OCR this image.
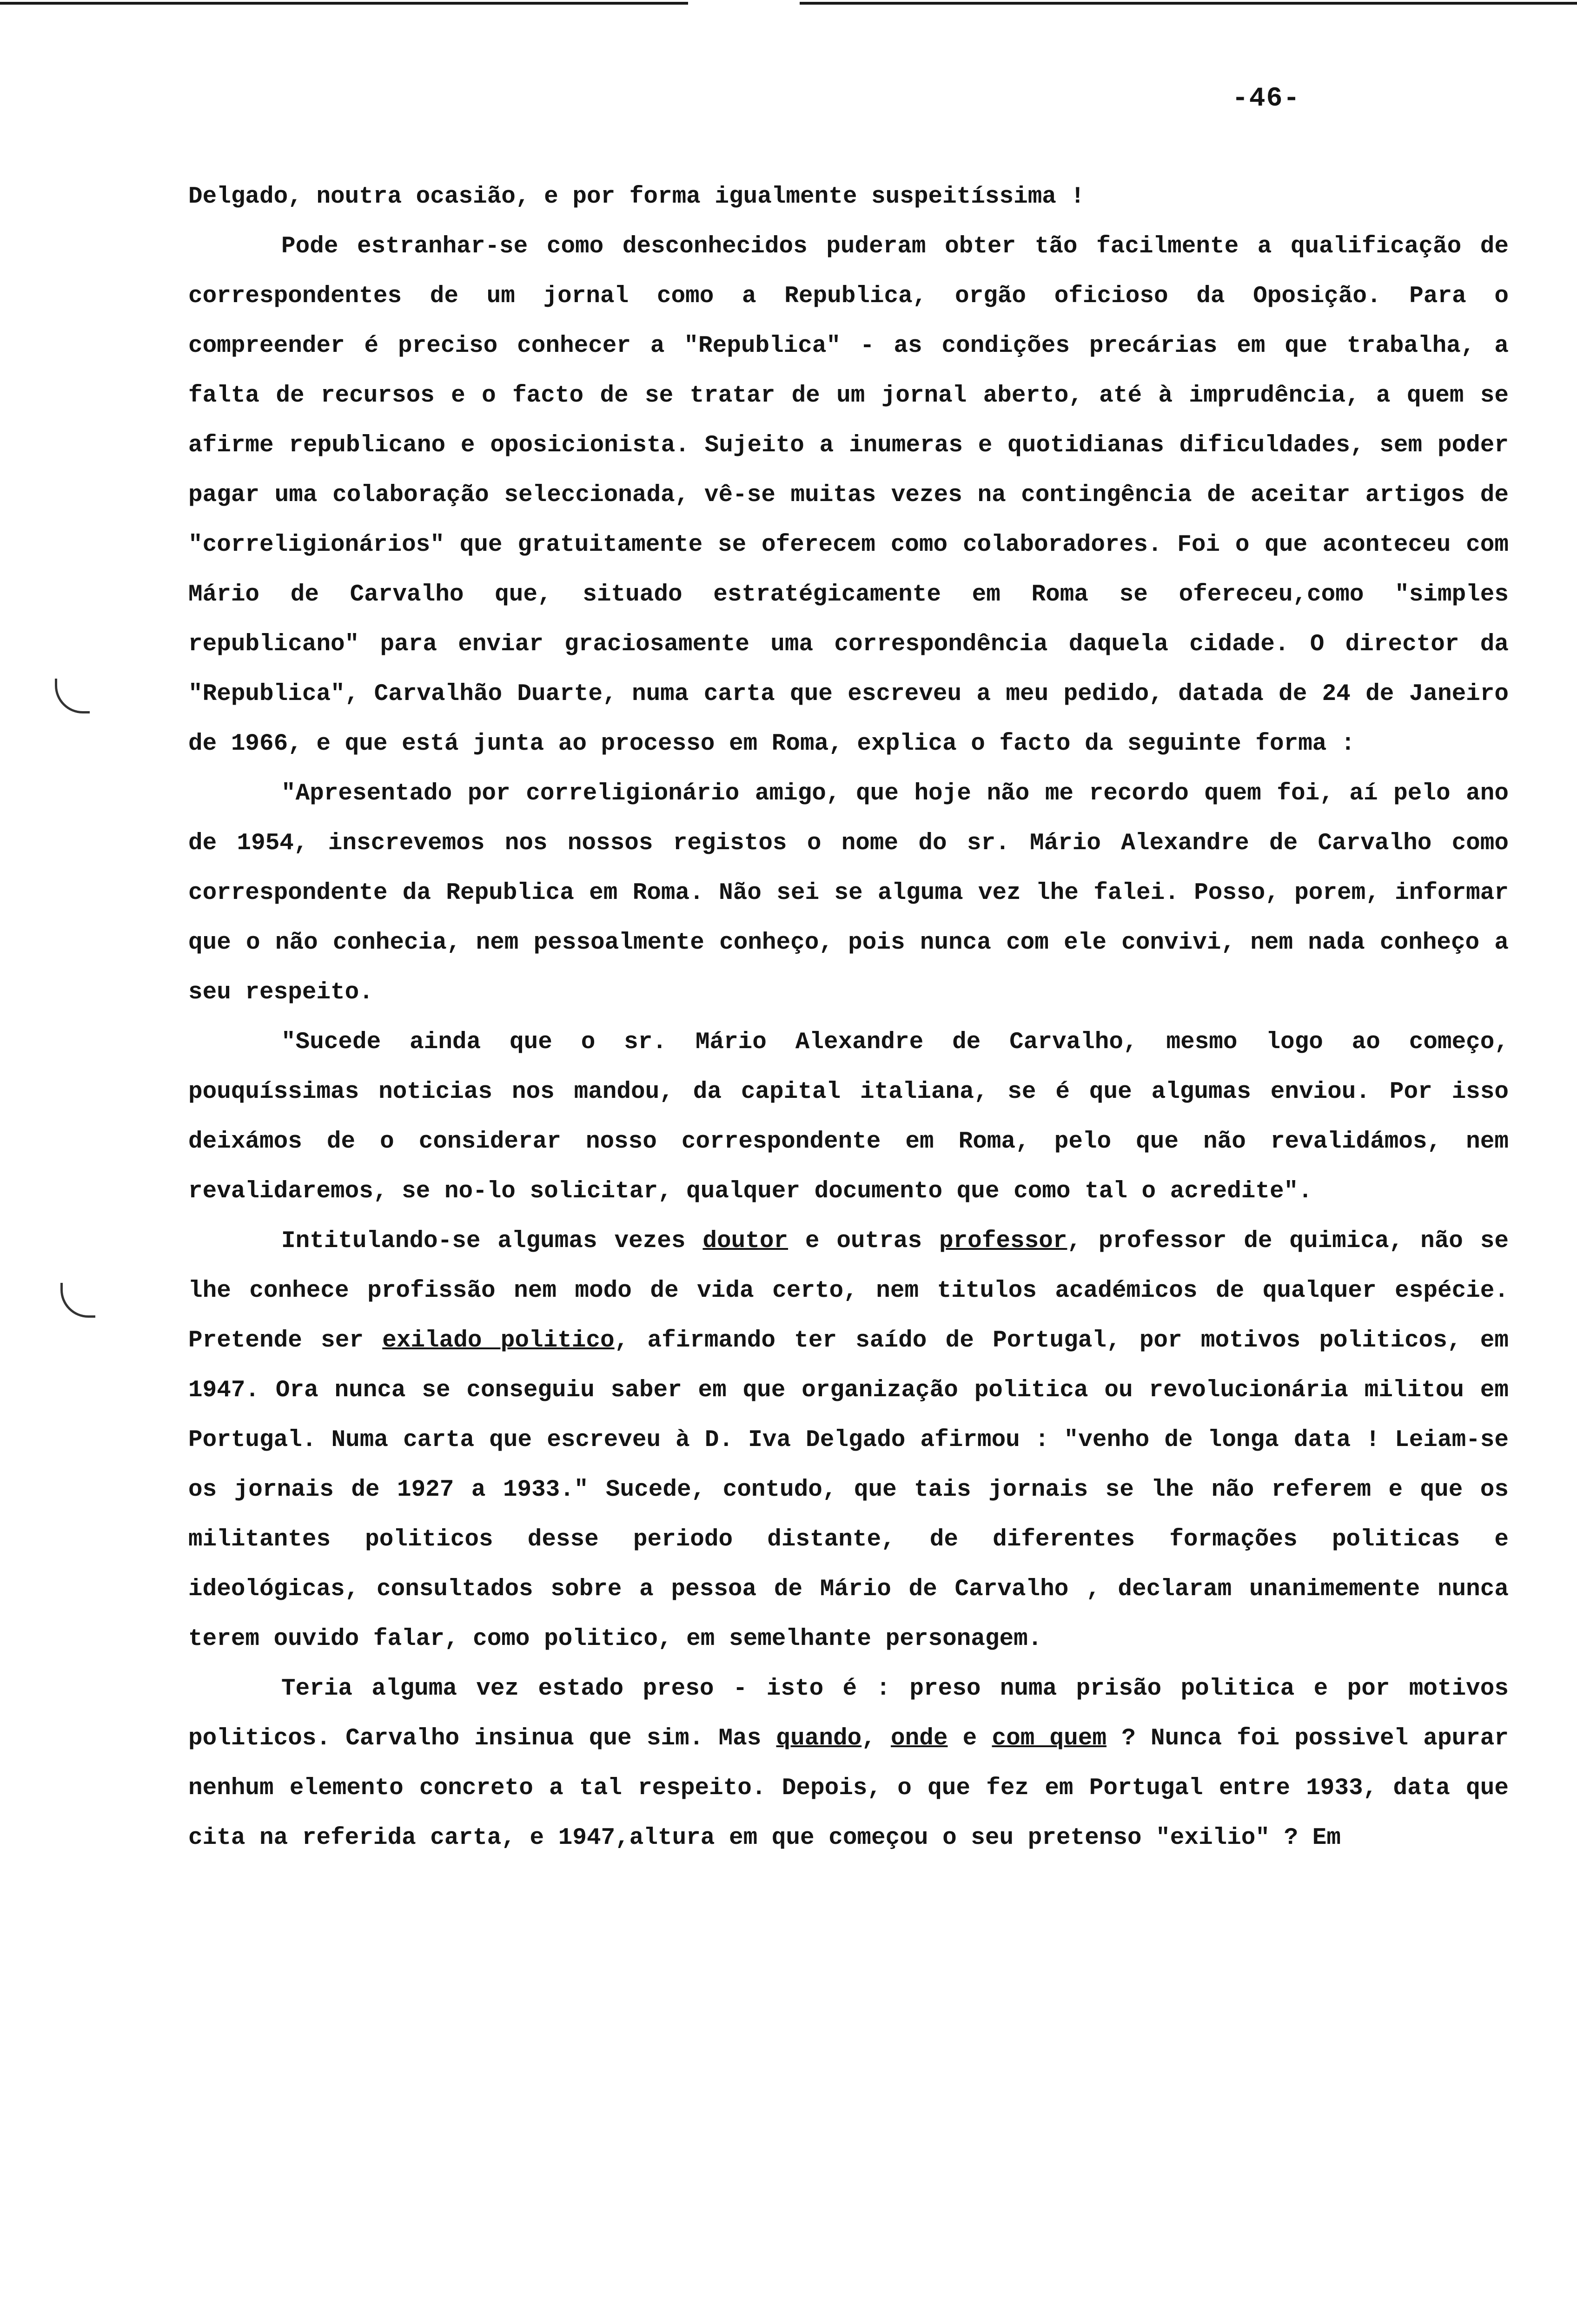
-46-

Delgado, noutra ocasião, e por forma igualmente suspeitíssima !

Pode estranhar-se como desconhecidos puderam obter tão facilmente a qualificação de correspondentes de um jornal como a Republica, orgão oficioso da Oposição. Para o compreender é preciso conhecer a "Republica" - as condições precárias em que trabalha, a falta de recursos e o facto de se tratar de um jornal aberto, até à imprudência, a quem se afirme republicano e oposicionista. Sujeito a inumeras e quotidianas dificuldades, sem poder pagar uma colaboração seleccionada, vê-se muitas vezes na contingência de aceitar artigos de "correligionários" que gratuitamente se oferecem como colaboradores. Foi o que aconteceu com Mário de Carvalho que, situado estratégicamente em Roma se ofereceu,como "simples republicano" para enviar graciosamente uma correspondência daquela cidade. O director da "Republica", Carvalhão Duarte, numa carta que escreveu a meu pedido, datada de 24 de Janeiro de 1966, e que está junta ao processo em Roma, explica o facto da seguinte forma :

"Apresentado por correligionário amigo, que hoje não me recordo quem foi, aí pelo ano de 1954, inscrevemos nos nossos registos o nome do sr. Mário Alexandre de Carvalho como correspondente da Republica em Roma. Não sei se alguma vez lhe falei. Posso, porem, informar que o não conhecia, nem pessoalmente conheço, pois nunca com ele convivi, nem nada conheço a seu respeito.

"Sucede ainda que o sr. Mário Alexandre de Carvalho, mesmo logo ao começo, pouquíssimas noticias nos mandou, da capital italiana, se é que algumas enviou. Por isso deixámos de o considerar nosso correspondente em Roma, pelo que não revalidámos, nem revalidaremos, se no-lo solicitar, qualquer documento que como tal o acredite".

Intitulando-se algumas vezes doutor e outras professor, professor de quimica, não se lhe conhece profissão nem modo de vida certo, nem titulos académicos de qualquer espécie. Pretende ser exilado politico, afirmando ter saído de Portugal, por motivos politicos, em 1947. Ora nunca se conseguiu saber em que organização politica ou revolucionária militou em Portugal. Numa carta que escreveu à D. Iva Delgado afirmou : "venho de longa data ! Leiam-se os jornais de 1927 a 1933." Sucede, contudo, que tais jornais se lhe não referem e que os militantes politicos desse periodo distante, de diferentes formações politicas e ideológicas, consultados sobre a pessoa de Mário de Carvalho , declaram unanimemente nunca terem ouvido falar, como politico, em semelhante personagem.

Teria alguma vez estado preso - isto é : preso numa prisão politica e por motivos politicos. Carvalho insinua que sim. Mas quando, onde e com quem ? Nunca foi possivel apurar nenhum elemento concreto a tal respeito. Depois, o que fez em Portugal entre 1933, data que cita na referida carta, e 1947,altura em que começou o seu pretenso "exilio" ? Em
